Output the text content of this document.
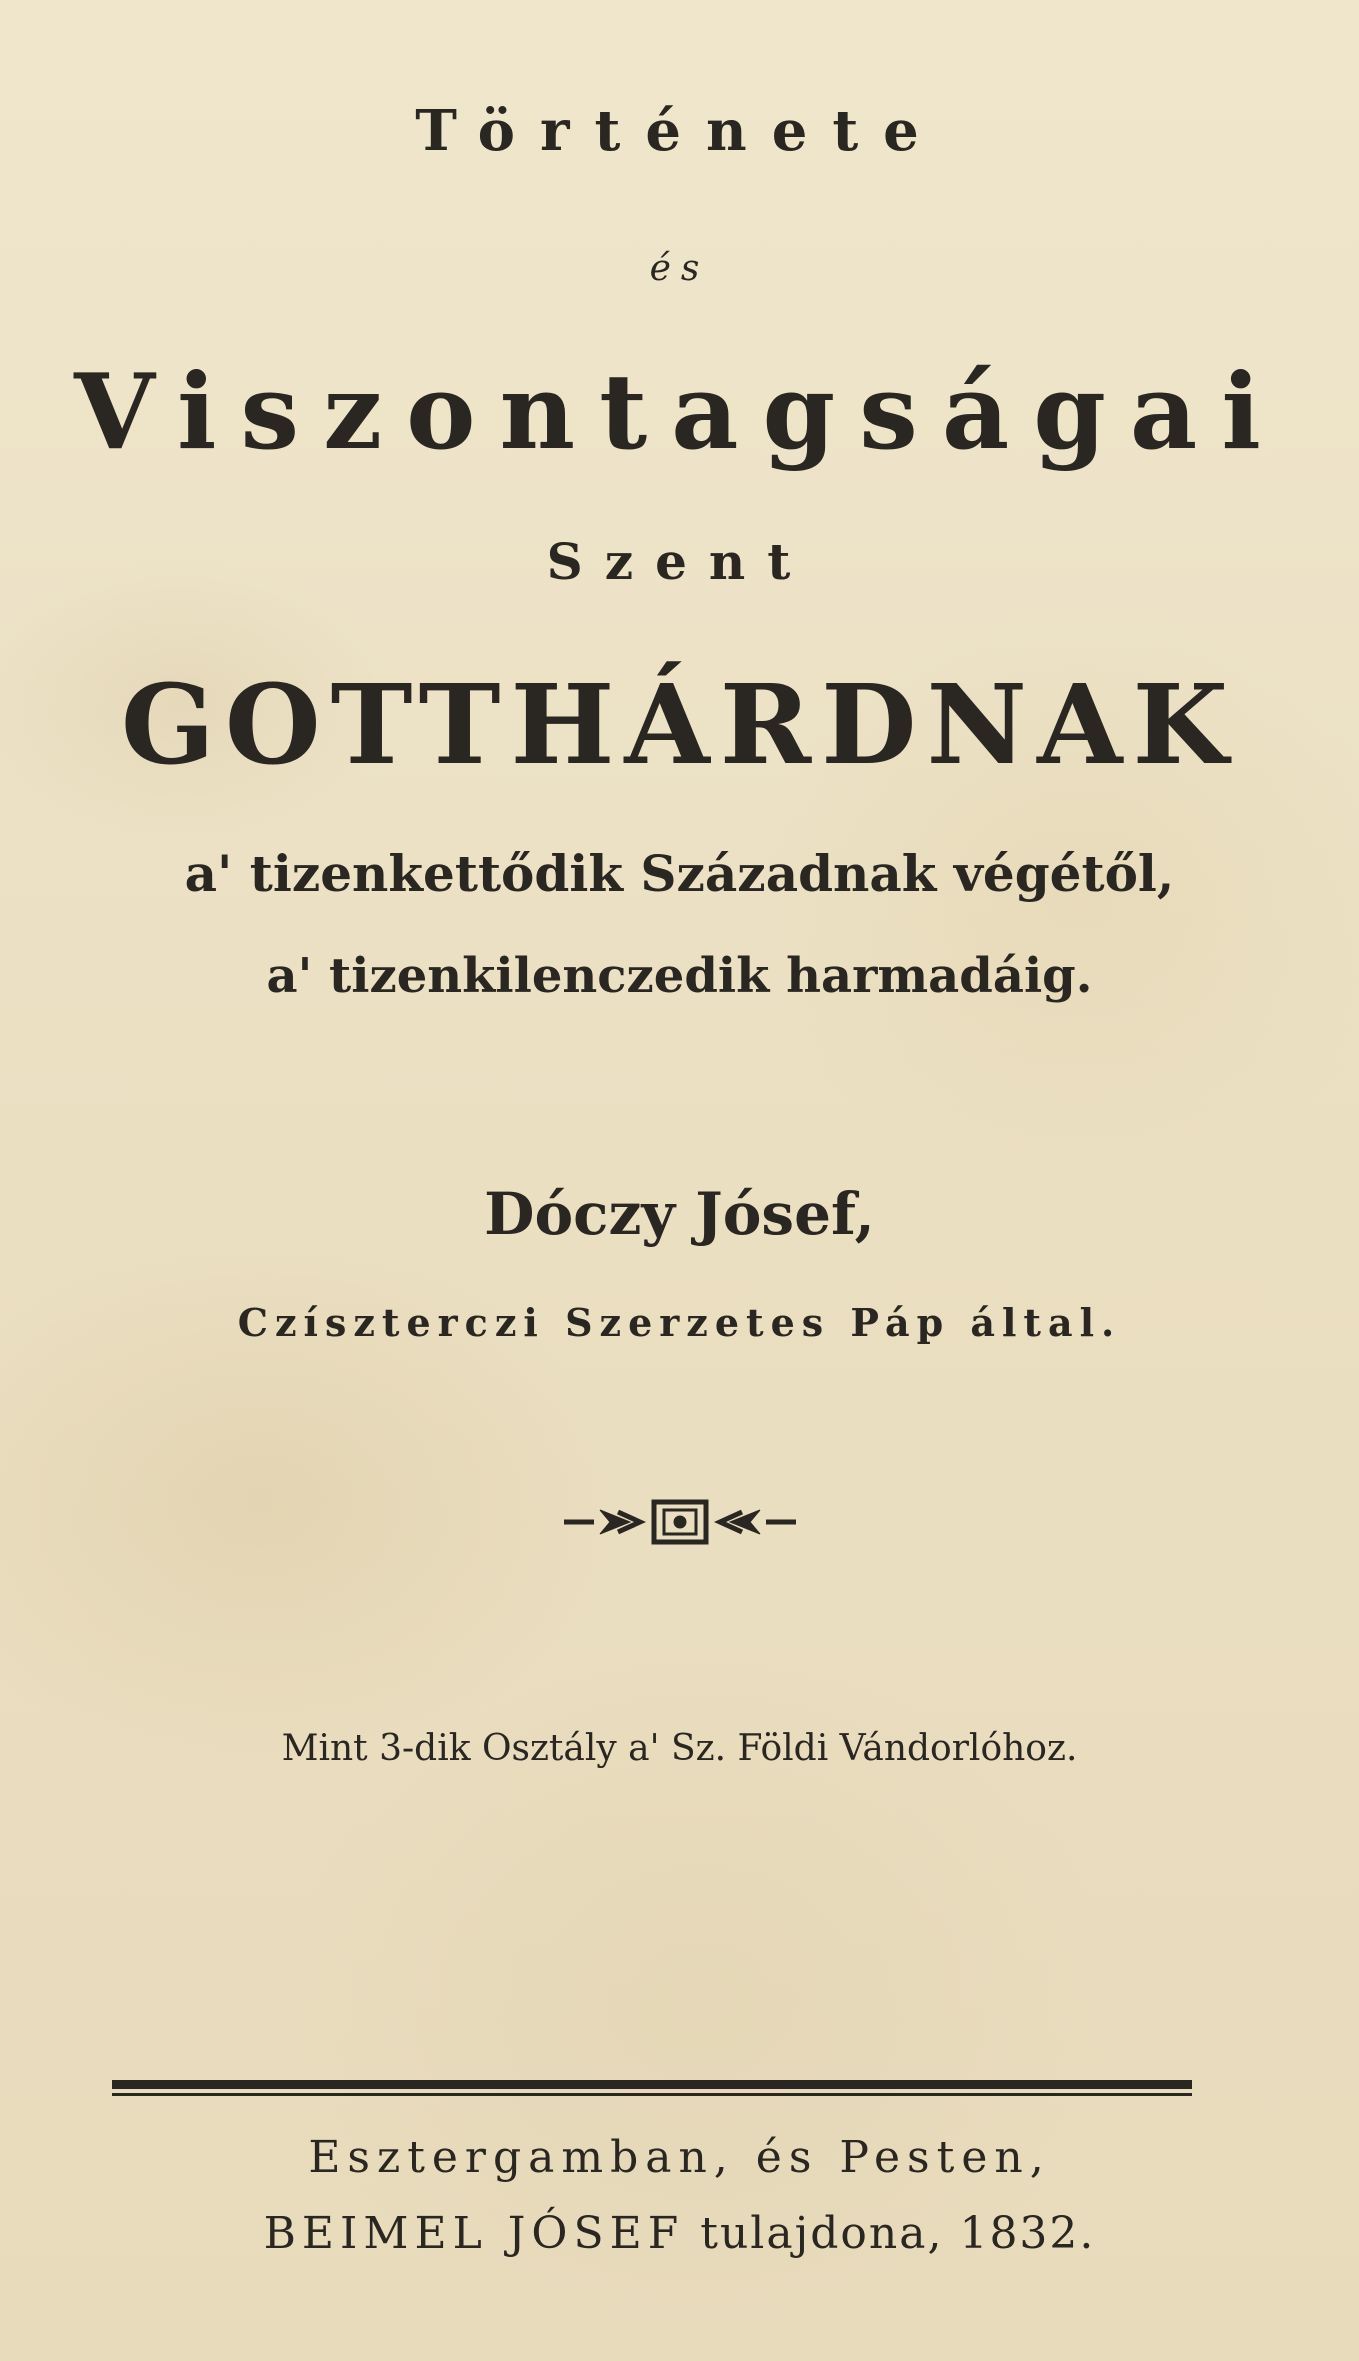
Története
és
Viszontagságai
Szent
GOTTHÁRDNAK
a' tizenkettődik Századnak végétől,
a' tizenkilenczedik harmadáig.
Dóczy Jósef,
Czíszterczi Szerzetes Páp által.
Mint 3-dik Osztály a' Sz. Földi Vándorlóhoz.
Esztergamban, és Pesten,
BEIMEL JÓSEF tulajdona, 1832.
